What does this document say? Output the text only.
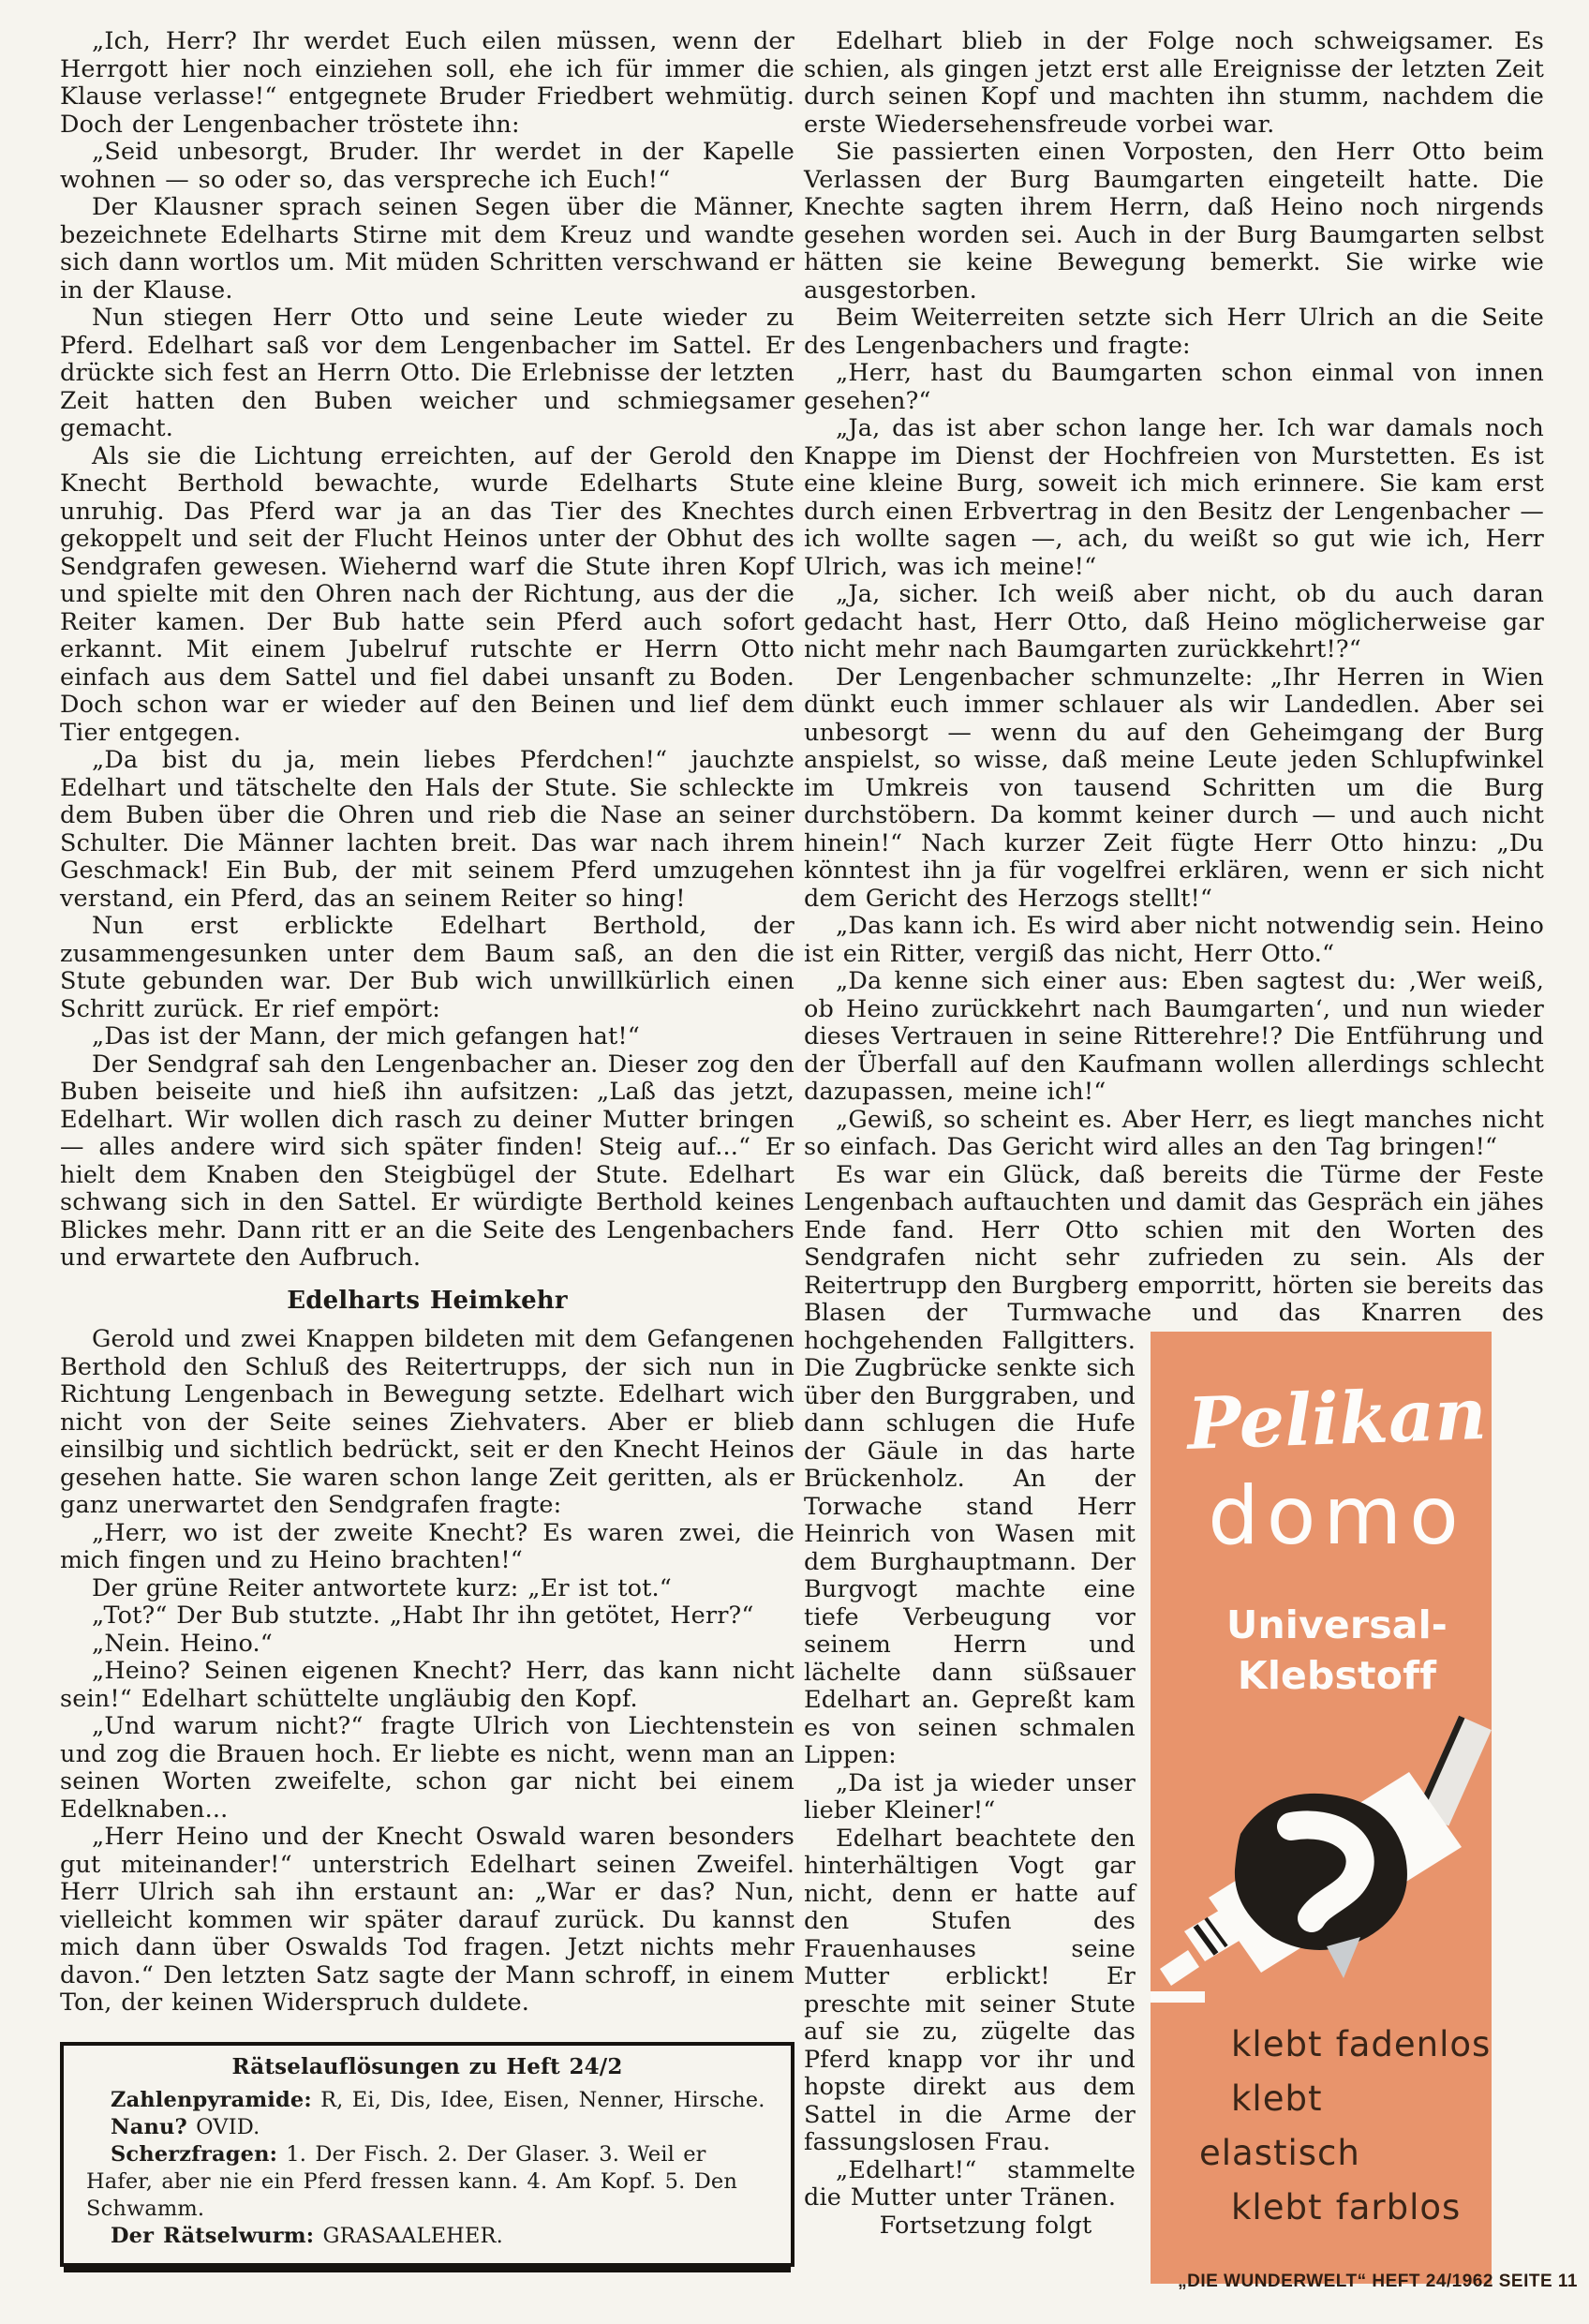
„Ich, Herr? Ihr werdet Euch eilen müssen, wenn der Herrgott hier noch einziehen soll, ehe ich für immer die Klause verlasse!“ entgegnete Bruder Friedbert wehmütig. Doch der Lengenbacher tröstete ihn:

„Seid unbesorgt, Bruder. Ihr werdet in der Kapelle wohnen — so oder so, das verspreche ich Euch!“

Der Klausner sprach seinen Segen über die Männer, bezeichnete Edelharts Stirne mit dem Kreuz und wandte sich dann wortlos um. Mit müden Schritten verschwand er in der Klause.

Nun stiegen Herr Otto und seine Leute wieder zu Pferd. Edelhart saß vor dem Lengenbacher im Sattel. Er drückte sich fest an Herrn Otto. Die Erlebnisse der letzten Zeit hatten den Buben weicher und schmiegsamer gemacht.

Als sie die Lichtung erreichten, auf der Gerold den Knecht Berthold bewachte, wurde Edelharts Stute unruhig. Das Pferd war ja an das Tier des Knechtes gekoppelt und seit der Flucht Heinos unter der Obhut des Sendgrafen gewesen. Wiehernd warf die Stute ihren Kopf und spielte mit den Ohren nach der Richtung, aus der die Reiter kamen. Der Bub hatte sein Pferd auch sofort erkannt. Mit einem Jubelruf rutschte er Herrn Otto einfach aus dem Sattel und fiel dabei unsanft zu Boden. Doch schon war er wieder auf den Beinen und lief dem Tier entgegen.

„Da bist du ja, mein liebes Pferdchen!“ jauchzte Edelhart und tätschelte den Hals der Stute. Sie schleckte dem Buben über die Ohren und rieb die Nase an seiner Schulter. Die Männer lachten breit. Das war nach ihrem Geschmack! Ein Bub, der mit seinem Pferd umzugehen verstand, ein Pferd, das an seinem Reiter so hing!

Nun erst erblickte Edelhart Berthold, der zusammengesunken unter dem Baum saß, an den die Stute gebunden war. Der Bub wich unwillkürlich einen Schritt zurück. Er rief empört:

„Das ist der Mann, der mich gefangen hat!“

Der Sendgraf sah den Lengenbacher an. Dieser zog den Buben beiseite und hieß ihn aufsitzen: „Laß das jetzt, Edelhart. Wir wollen dich rasch zu deiner Mutter bringen — alles andere wird sich später finden! Steig auf...“ Er hielt dem Knaben den Steigbügel der Stute. Edelhart schwang sich in den Sattel. Er würdigte Berthold keines Blickes mehr. Dann ritt er an die Seite des Lengenbachers und erwartete den Aufbruch.

Edelharts Heimkehr

Gerold und zwei Knappen bildeten mit dem Gefangenen Berthold den Schluß des Reitertrupps, der sich nun in Richtung Lengenbach in Bewegung setzte. Edelhart wich nicht von der Seite seines Ziehvaters. Aber er blieb einsilbig und sichtlich bedrückt, seit er den Knecht Heinos gesehen hatte. Sie waren schon lange Zeit geritten, als er ganz unerwartet den Sendgrafen fragte:

„Herr, wo ist der zweite Knecht? Es waren zwei, die mich fingen und zu Heino brachten!“

Der grüne Reiter antwortete kurz: „Er ist tot.“

„Tot?“ Der Bub stutzte. „Habt Ihr ihn getötet, Herr?“

„Nein. Heino.“

„Heino? Seinen eigenen Knecht? Herr, das kann nicht sein!“ Edelhart schüttelte ungläubig den Kopf.

„Und warum nicht?“ fragte Ulrich von Liechtenstein und zog die Brauen hoch. Er liebte es nicht, wenn man an seinen Worten zweifelte, schon gar nicht bei einem Edelknaben...

„Herr Heino und der Knecht Oswald waren besonders gut miteinander!“ unterstrich Edelhart seinen Zweifel. Herr Ulrich sah ihn erstaunt an: „War er das? Nun, vielleicht kommen wir später darauf zurück. Du kannst mich dann über Oswalds Tod fragen. Jetzt nichts mehr davon.“ Den letzten Satz sagte der Mann schroff, in einem Ton, der keinen Widerspruch duldete.

Rätselauflösungen zu Heft 24/2

Zahlenpyramide: R, Ei, Dis, Idee, Eisen, Nenner, Hirsche.

Nanu? OVID.

Scherzfragen: 1. Der Fisch. 2. Der Glaser. 3. Weil er Hafer, aber nie ein Pferd fressen kann. 4. Am Kopf. 5. Den Schwamm.

Der Rätselwurm: GRASAALEHER.

Edelhart blieb in der Folge noch schweigsamer. Es schien, als gingen jetzt erst alle Ereignisse der letzten Zeit durch seinen Kopf und machten ihn stumm, nachdem die erste Wiedersehensfreude vorbei war.

Sie passierten einen Vorposten, den Herr Otto beim Verlassen der Burg Baumgarten eingeteilt hatte. Die Knechte sagten ihrem Herrn, daß Heino noch nirgends gesehen worden sei. Auch in der Burg Baumgarten selbst hätten sie keine Bewegung bemerkt. Sie wirke wie ausgestorben.

Beim Weiterreiten setzte sich Herr Ulrich an die Seite des Lengenbachers und fragte:

„Herr, hast du Baumgarten schon einmal von innen gesehen?“

„Ja, das ist aber schon lange her. Ich war damals noch Knappe im Dienst der Hochfreien von Murstetten. Es ist eine kleine Burg, soweit ich mich erinnere. Sie kam erst durch einen Erbvertrag in den Besitz der Lengenbacher — ich wollte sagen —, ach, du weißt so gut wie ich, Herr Ulrich, was ich meine!“

„Ja, sicher. Ich weiß aber nicht, ob du auch daran gedacht hast, Herr Otto, daß Heino möglicherweise gar nicht mehr nach Baumgarten zurückkehrt!?“

Der Lengenbacher schmunzelte: „Ihr Herren in Wien dünkt euch immer schlauer als wir Landedlen. Aber sei unbesorgt — wenn du auf den Geheimgang der Burg anspielst, so wisse, daß meine Leute jeden Schlupfwinkel im Umkreis von tausend Schritten um die Burg durchstöbern. Da kommt keiner durch — und auch nicht hinein!“ Nach kurzer Zeit fügte Herr Otto hinzu: „Du könntest ihn ja für vogelfrei erklären, wenn er sich nicht dem Gericht des Herzogs stellt!“

„Das kann ich. Es wird aber nicht notwendig sein. Heino ist ein Ritter, vergiß das nicht, Herr Otto.“

„Da kenne sich einer aus: Eben sagtest du: ‚Wer weiß, ob Heino zurückkehrt nach Baumgarten‘, und nun wieder dieses Vertrauen in seine Ritterehre!? Die Entführung und der Überfall auf den Kaufmann wollen allerdings schlecht dazupassen, meine ich!“

„Gewiß, so scheint es. Aber Herr, es liegt manches nicht so einfach. Das Gericht wird alles an den Tag bringen!“

Es war ein Glück, daß bereits die Türme der Feste Lengenbach auftauchten und damit das Gespräch ein jähes Ende fand. Herr Otto schien mit den Worten des Sendgrafen nicht sehr zufrieden zu sein. Als der Reitertrupp den Burgberg emporritt, hörten sie bereits das Blasen der Turmwache und das Knarren des hochgehenden
Pelikan
domo
Universal-
Klebstoff
klebt fadenlos
klebt elastisch
klebt farblos
Fallgitters. Die Zugbrücke senkte sich über den Burggraben, und dann schlugen die Hufe der Gäule in das harte Brückenholz. An der Torwache stand Herr Heinrich von Wasen mit dem Burghauptmann. Der Burgvogt machte eine tiefe Verbeugung vor seinem Herrn und lächelte dann süßsauer Edelhart an. Gepreßt kam es von seinen schmalen Lippen:

„Da ist ja wieder unser lieber Kleiner!“

Edelhart beachtete den hinterhältigen Vogt gar nicht, denn er hatte auf den Stufen des Frauenhauses seine Mutter erblickt! Er preschte mit seiner Stute auf sie zu, zügelte das Pferd knapp vor ihr und hopste direkt aus dem Sattel in die Arme der fassungslosen Frau.

„Edelhart!“ stammelte die Mutter unter Tränen.

Fortsetzung folgt

„DIE WUNDERWELT“ HEFT 24/1962 SEITE 11
